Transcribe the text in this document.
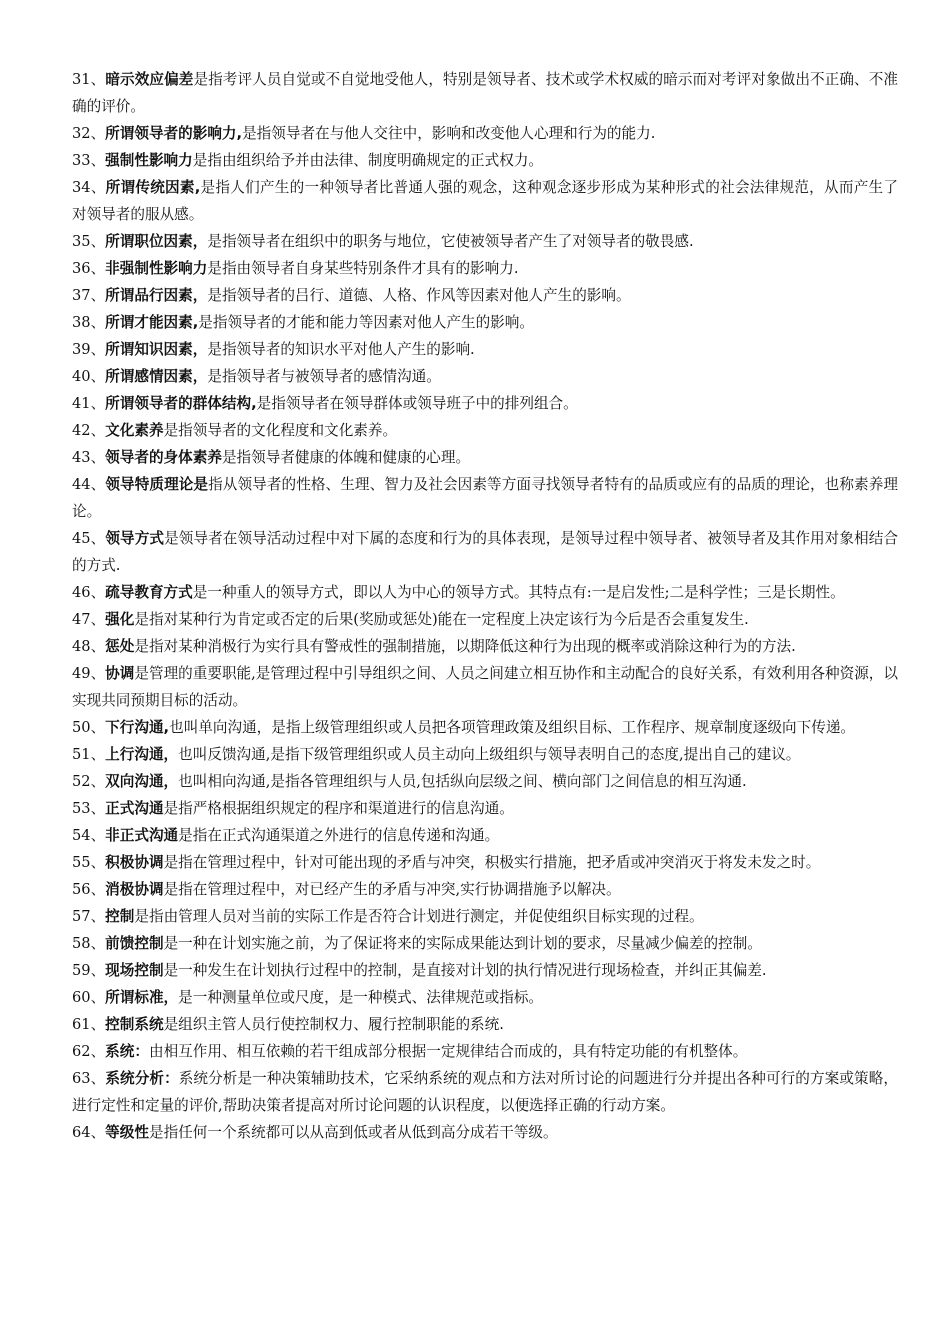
31、暗示效应偏差是指考评人员自觉或不自觉地受他人，特别是领导者、技术或学术权威的暗示而对考评对象做出不正确、不准确的评价。

32、所谓领导者的影响力,是指领导者在与他人交往中，影响和改变他人心理和行为的能力.

33、强制性影响力是指由组织给予并由法律、制度明确规定的正式权力。

34、所谓传统因素,是指人们产生的一种领导者比普通人强的观念，这种观念逐步形成为某种形式的社会法律规范，从而产生了对领导者的服从感。

35、所谓职位因素，是指领导者在组织中的职务与地位，它使被领导者产生了对领导者的敬畏感.

36、非强制性影响力是指由领导者自身某些特别条件才具有的影响力.

37、所谓品行因素，是指领导者的吕行、道德、人格、作风等因素对他人产生的影响。

38、所谓才能因素,是指领导者的才能和能力等因素对他人产生的影响。

39、所谓知识因素，是指领导者的知识水平对他人产生的影响.

40、所谓感情因素，是指领导者与被领导者的感情沟通。

41、所谓领导者的群体结构,是指领导者在领导群体或领导班子中的排列组合。

42、文化素养是指领导者的文化程度和文化素养。

43、领导者的身体素养是指领导者健康的体魄和健康的心理。

44、领导特质理论是指从领导者的性格、生理、智力及社会因素等方面寻找领导者特有的品质或应有的品质的理论，也称素养理论。

45、领导方式是领导者在领导活动过程中对下属的态度和行为的具体表现，是领导过程中领导者、被领导者及其作用对象相结合的方式.

46、疏导教育方式是一种重人的领导方式，即以人为中心的领导方式。其特点有:一是启发性;二是科学性；三是长期性。

47、强化是指对某种行为肯定或否定的后果(奖励或惩处)能在一定程度上决定该行为今后是否会重复发生.

48、惩处是指对某种消极行为实行具有警戒性的强制措施，以期降低这种行为出现的概率或消除这种行为的方法.

49、协调是管理的重要职能,是管理过程中引导组织之间、人员之间建立相互协作和主动配合的良好关系，有效利用各种资源，以实现共同预期目标的活动。

50、下行沟通,也叫单向沟通，是指上级管理组织或人员把各项管理政策及组织目标、工作程序、规章制度逐级向下传递。

51、上行沟通，也叫反馈沟通,是指下级管理组织或人员主动向上级组织与领导表明自己的态度,提出自己的建议。

52、双向沟通，也叫相向沟通,是指各管理组织与人员,包括纵向层级之间、横向部门之间信息的相互沟通.

53、正式沟通是指严格根据组织规定的程序和渠道进行的信息沟通。

54、非正式沟通是指在正式沟通渠道之外进行的信息传递和沟通。

55、积极协调是指在管理过程中，针对可能出现的矛盾与冲突，积极实行措施，把矛盾或冲突消灭于将发未发之时。

56、消极协调是指在管理过程中，对已经产生的矛盾与冲突,实行协调措施予以解决。

57、控制是指由管理人员对当前的实际工作是否符合计划进行测定，并促使组织目标实现的过程。

58、前馈控制是一种在计划实施之前，为了保证将来的实际成果能达到计划的要求，尽量减少偏差的控制。

59、现场控制是一种发生在计划执行过程中的控制，是直接对计划的执行情况进行现场检查，并纠正其偏差.

60、所谓标准，是一种测量单位或尺度，是一种模式、法律规范或指标。

61、控制系统是组织主管人员行使控制权力、履行控制职能的系统.

62、系统：由相互作用、相互依赖的若干组成部分根据一定规律结合而成的，具有特定功能的有机整体。

63、系统分析：系统分析是一种决策辅助技术，它采纳系统的观点和方法对所讨论的问题进行分并提出各种可行的方案或策略，进行定性和定量的评价,帮助决策者提高对所讨论问题的认识程度，以便选择正确的行动方案。

64、等级性是指任何一个系统都可以从高到低或者从低到高分成若干等级。
